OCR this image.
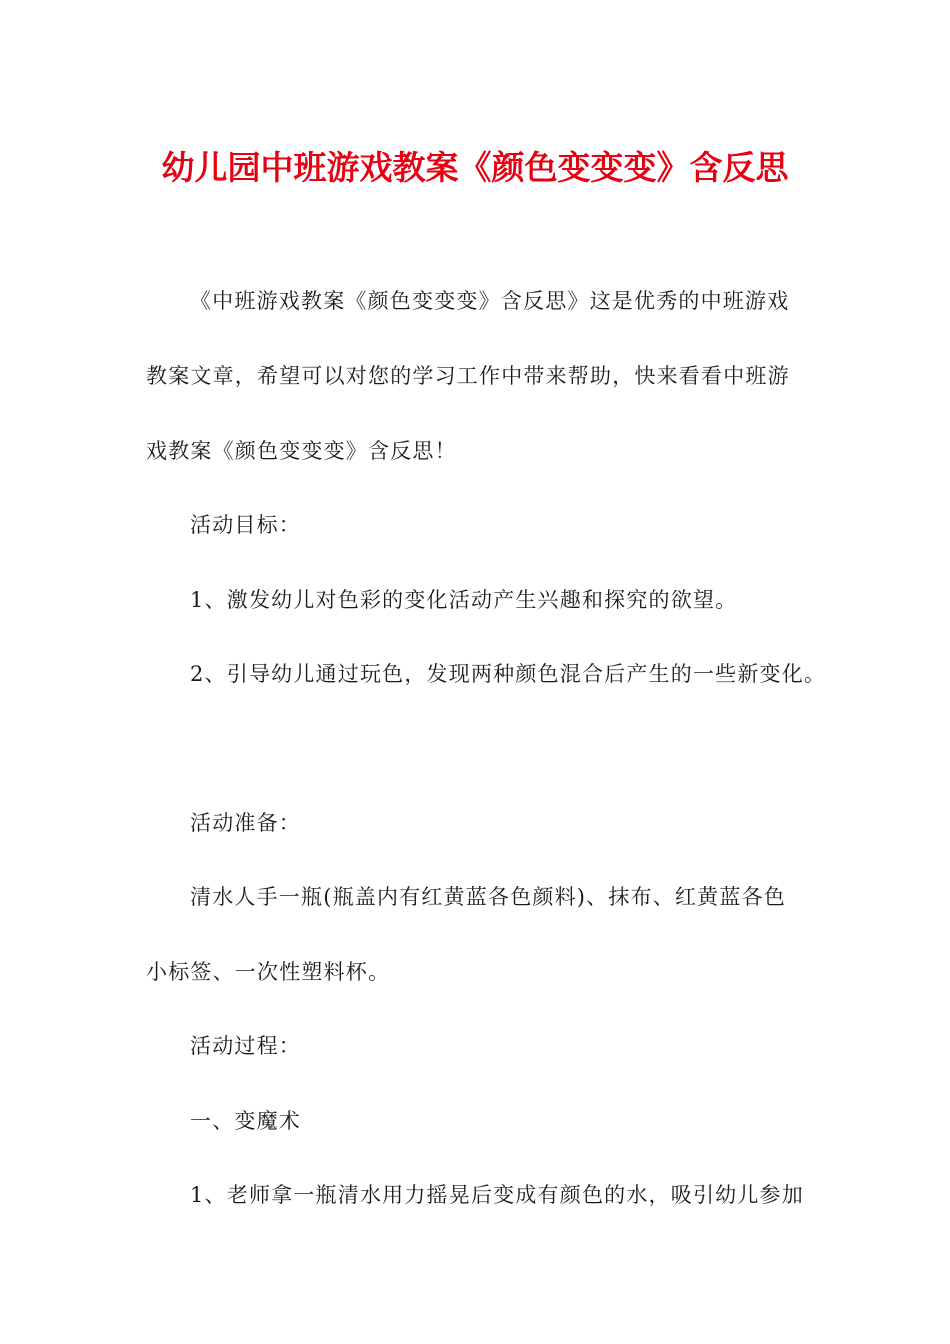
幼儿园中班游戏教案《颜色变变变》含反思
《中班游戏教案《颜色变变变》含反思》这是优秀的中班游戏
教案文章，希望可以对您的学习工作中带来帮助，快来看看中班游
戏教案《颜色变变变》含反思！
活动目标：
1、激发幼儿对色彩的变化活动产生兴趣和探究的欲望。
2、引导幼儿通过玩色，发现两种颜色混合后产生的一些新变化。
活动准备：
清水人手一瓶(瓶盖内有红黄蓝各色颜料)、抹布、红黄蓝各色
小标签、一次性塑料杯。
活动过程：
一、变魔术
1、老师拿一瓶清水用力摇晃后变成有颜色的水，吸引幼儿参加
